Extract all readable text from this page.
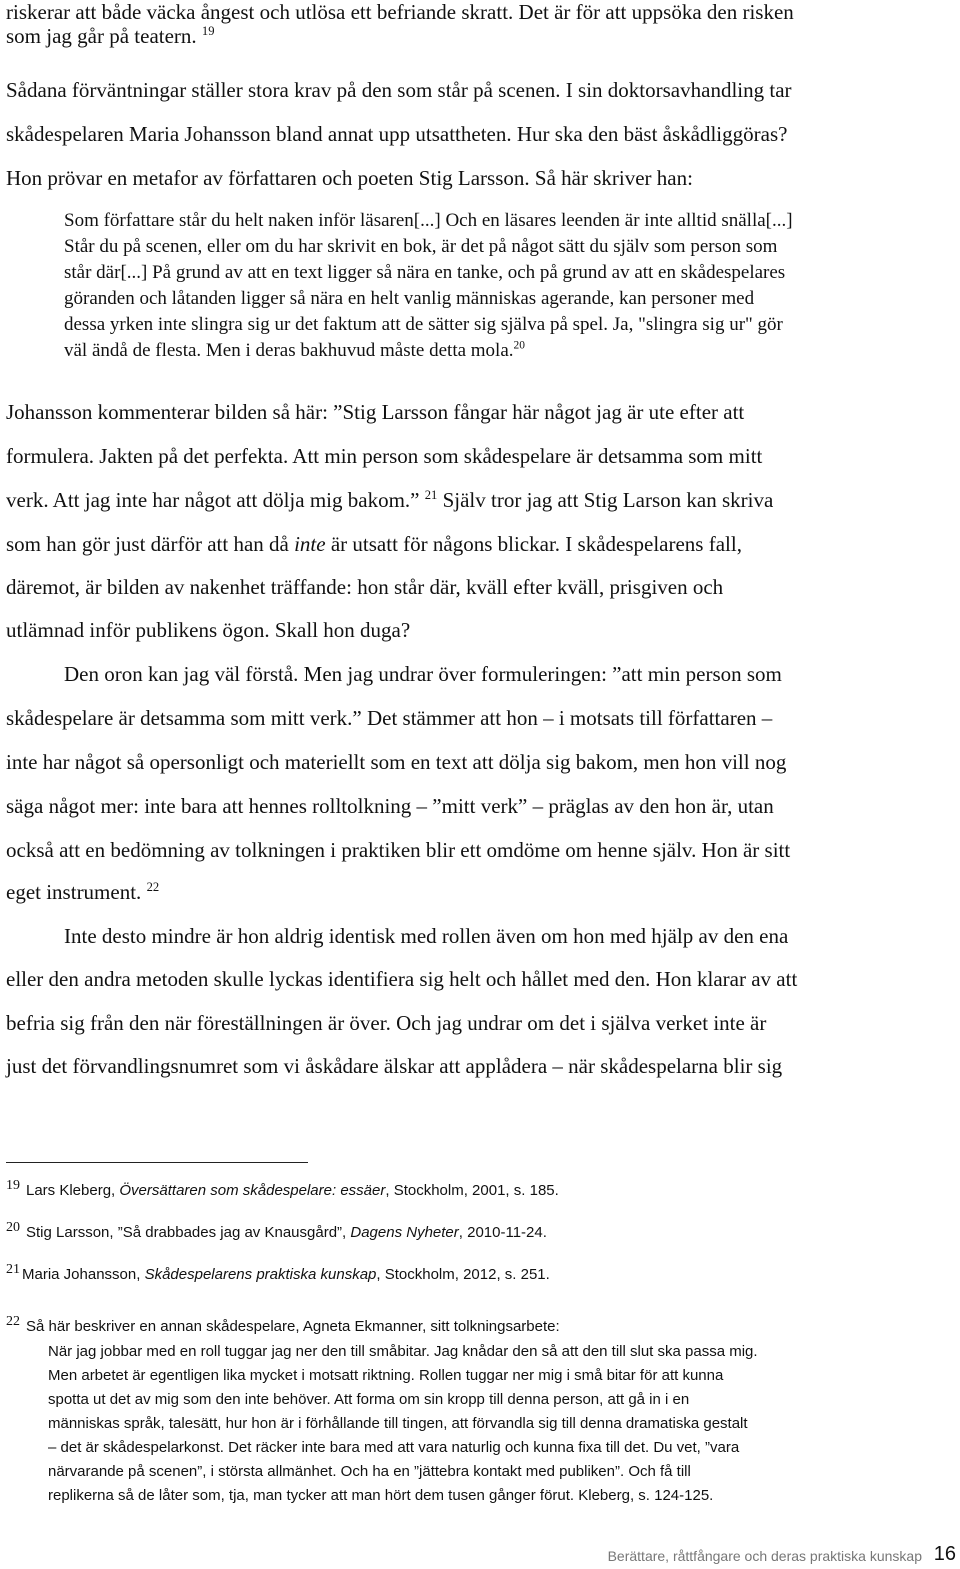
riskerar att både väcka ångest och utlösa ett befriande skratt. Det är för att uppsöka den risken
som jag går på teatern. $^{19}$
Sådana förväntningar ställer stora krav på den som står på scenen. I sin doktorsavhandling tar
skådespelaren Maria Johansson bland annat upp utsattheten. Hur ska den bäst åskådliggöras?
Hon prövar en metafor av författaren och poeten Stig Larsson. Så här skriver han:
Som författare står du helt naken inför läsaren[...] Och en läsares leenden är inte alltid snälla[...]
Står du på scenen, eller om du har skrivit en bok, är det på något sätt du själv som person som
står där[...] På grund av att en text ligger så nära en tanke, och på grund av att en skådespelares
göranden och låtanden ligger så nära en helt vanlig människas agerande, kan personer med
dessa yrken inte slingra sig ur det faktum att de sätter sig själva på spel. Ja, "slingra sig ur" gör
väl ändå de flesta. Men i deras bakhuvud måste detta mola.$^{20}$
Johansson kommenterar bilden så här: ”Stig Larsson fångar här något jag är ute efter att
formulera. Jakten på det perfekta. Att min person som skådespelare är detsamma som mitt
verk. Att jag inte har något att dölja mig bakom.” $^{21}$ Själv tror jag att Stig Larson kan skriva
som han gör just därför att han då inte är utsatt för någons blickar. I skådespelarens fall,
däremot, är bilden av nakenhet träffande: hon står där, kväll efter kväll, prisgiven och
utlämnad inför publikens ögon. Skall hon duga?
Den oron kan jag väl förstå. Men jag undrar över formuleringen: ”att min person som
skådespelare är detsamma som mitt verk.” Det stämmer att hon – i motsats till författaren –
inte har något så opersonligt och materiellt som en text att dölja sig bakom, men hon vill nog
säga något mer: inte bara att hennes rolltolkning – ”mitt verk” – präglas av den hon är, utan
också att en bedömning av tolkningen i praktiken blir ett omdöme om henne själv. Hon är sitt
eget instrument. $^{22}$
Inte desto mindre är hon aldrig identisk med rollen även om hon med hjälp av den ena
eller den andra metoden skulle lyckas identifiera sig helt och hållet med den. Hon klarar av att
befria sig från den när föreställningen är över. Och jag undrar om det i själva verket inte är
just det förvandlingsnumret som vi åskådare älskar att applådera – när skådespelarna blir sig
19 Lars Kleberg, Översättaren som skådespelare: essäer, Stockholm, 2001, s. 185.
20 Stig Larsson, ”Så drabbades jag av Knausgård”, Dagens Nyheter, 2010-11-24.
21 Maria Johansson, Skådespelarens praktiska kunskap, Stockholm, 2012, s. 251.
22 Så här beskriver en annan skådespelare, Agneta Ekmanner, sitt tolkningsarbete:
När jag jobbar med en roll tuggar jag ner den till småbitar. Jag knådar den så att den till slut ska passa mig.
Men arbetet är egentligen lika mycket i motsatt riktning. Rollen tuggar ner mig i små bitar för att kunna
spotta ut det av mig som den inte behöver. Att forma om sin kropp till denna person, att gå in i en
människas språk, talesätt, hur hon är i förhållande till tingen, att förvandla sig till denna dramatiska gestalt
– det är skådespelarkonst. Det räcker inte bara med att vara naturlig och kunna fixa till det. Du vet, ”vara
närvarande på scenen”, i största allmänhet. Och ha en ”jättebra kontakt med publiken”. Och få till
replikerna så de låter som, tja, man tycker att man hört dem tusen gånger förut. Kleberg, s. 124-125.
Berättare, råttfångare och deras praktiska kunskap 16
